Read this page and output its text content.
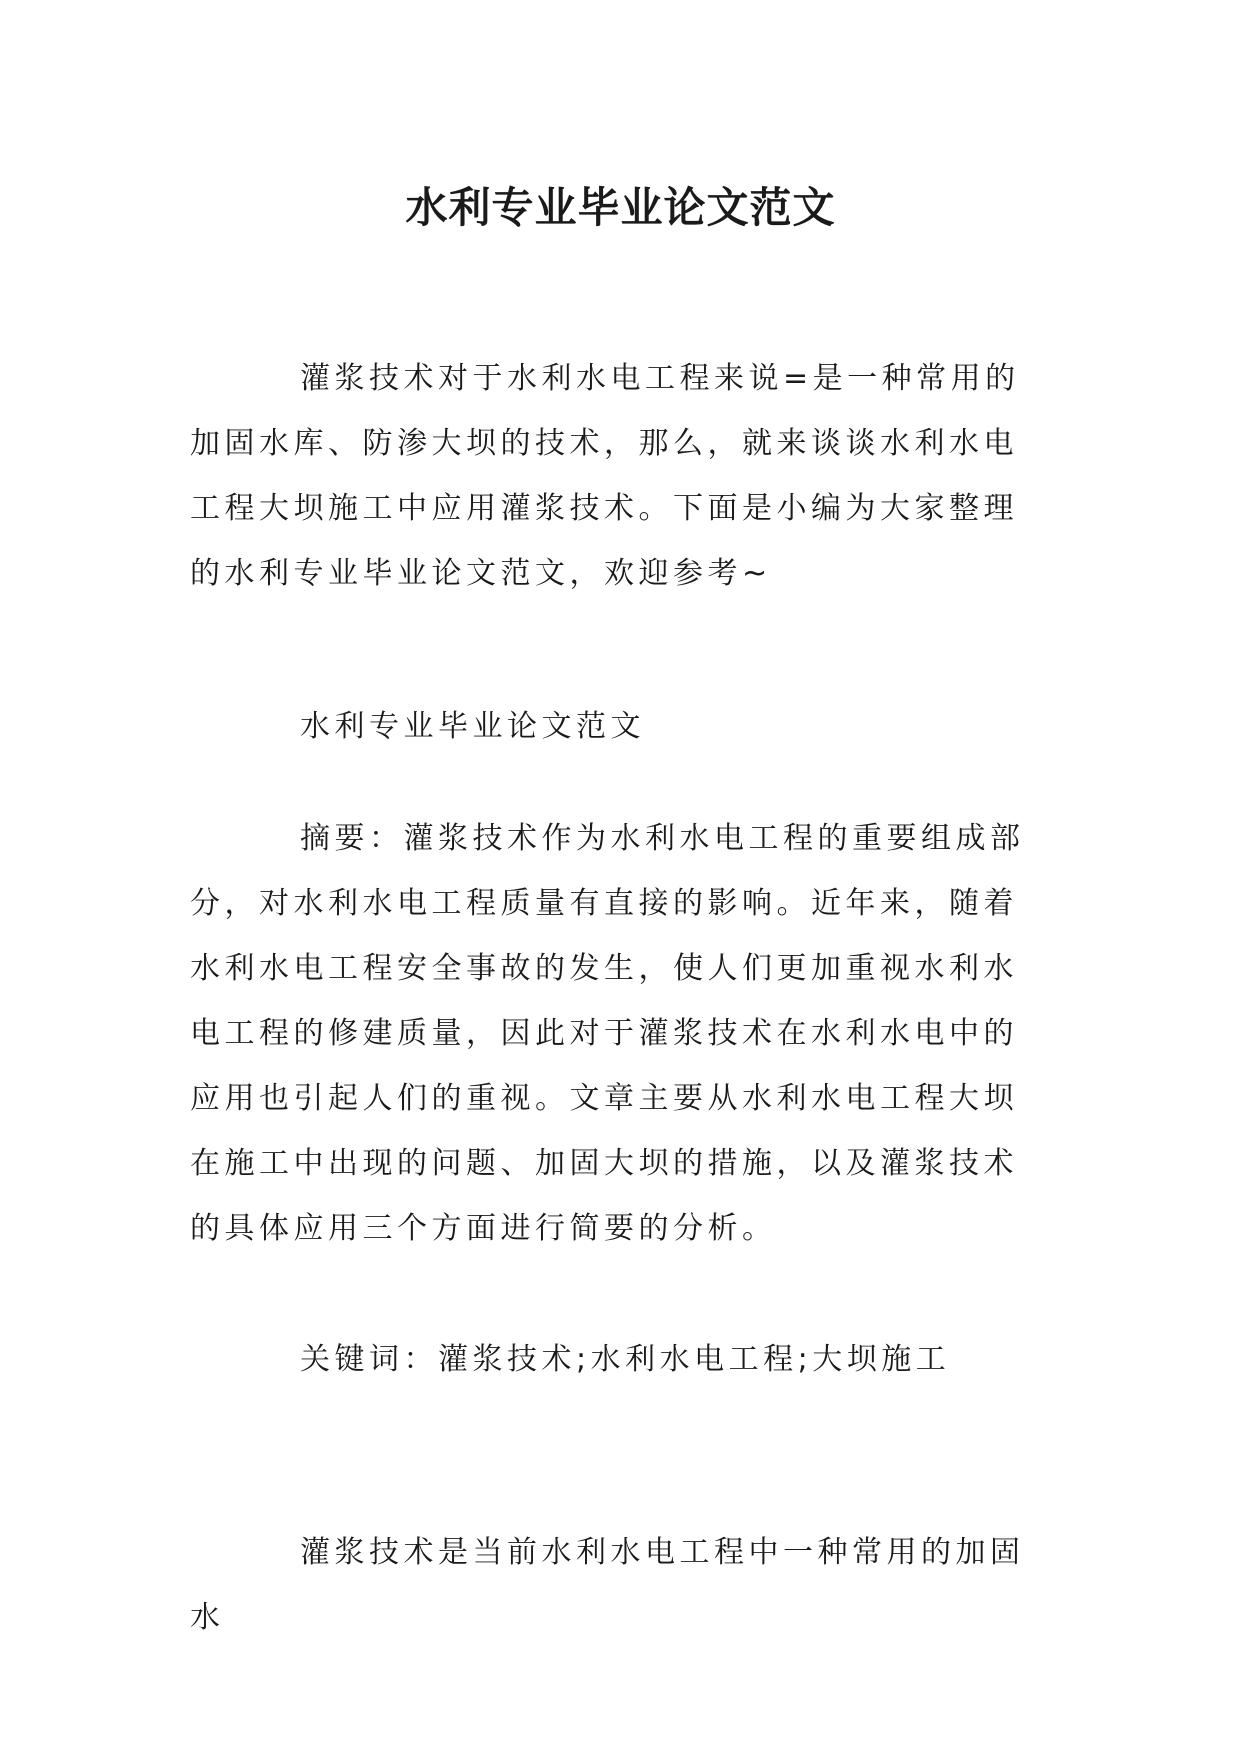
水利专业毕业论文范文

灌浆技术对于水利水电工程来说=是一种常用的加固水库、防渗大坝的技术，那么，就来谈谈水利水电工程大坝施工中应用灌浆技术。下面是小编为大家整理的水利专业毕业论文范文，欢迎参考~

水利专业毕业论文范文

摘要：灌浆技术作为水利水电工程的重要组成部分，对水利水电工程质量有直接的影响。近年来，随着水利水电工程安全事故的发生，使人们更加重视水利水电工程的修建质量，因此对于灌浆技术在水利水电中的应用也引起人们的重视。文章主要从水利水电工程大坝在施工中出现的问题、加固大坝的措施，以及灌浆技术的具体应用三个方面进行简要的分析。

关键词：灌浆技术;水利水电工程;大坝施工

灌浆技术是当前水利水电工程中一种常用的加固水
